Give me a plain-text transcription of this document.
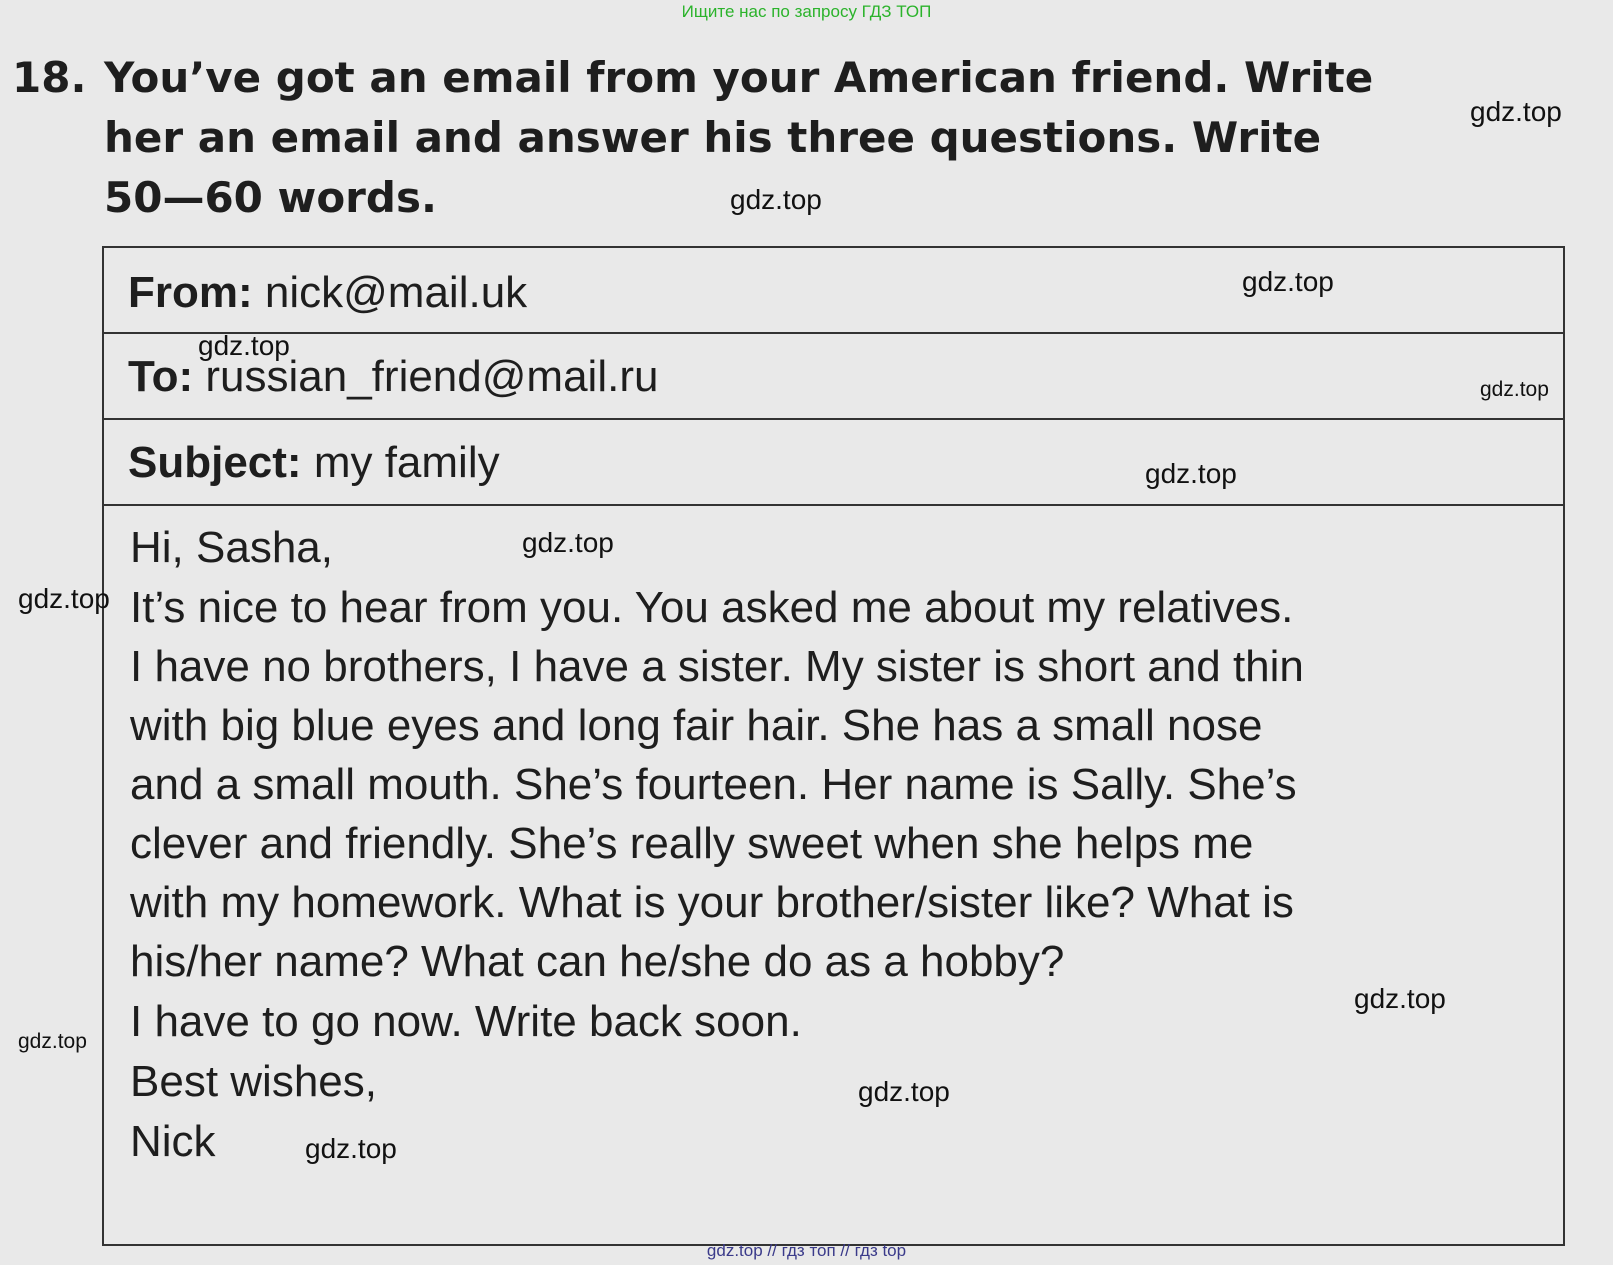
Ищите нас по запросу ГДЗ ТОП
18. You’ve got an email from your American friend. Write
her an email and answer his three questions. Write
50—60 words.
From: nick@mail.uk
To: russian_friend@mail.ru
Subject: my family
Hi, Sasha,
It’s nice to hear from you. You asked me about my relatives.
I have no brothers, I have a sister. My sister is short and thin
with big blue eyes and long fair hair. She has a small nose
and a small mouth. She’s fourteen. Her name is Sally. She’s
clever and friendly. She’s really sweet when she helps me
with my homework. What is your brother/sister like? What is
his/her name? What can he/she do as a hobby?
I have to go now. Write back soon.
Best wishes,
Nick
gdz.top
gdz.top
gdz.top
gdz.top
gdz.top
gdz.top
gdz.top
gdz.top
gdz.top
gdz.top
gdz.top
gdz.top
gdz.top // гдз топ // гдз top
